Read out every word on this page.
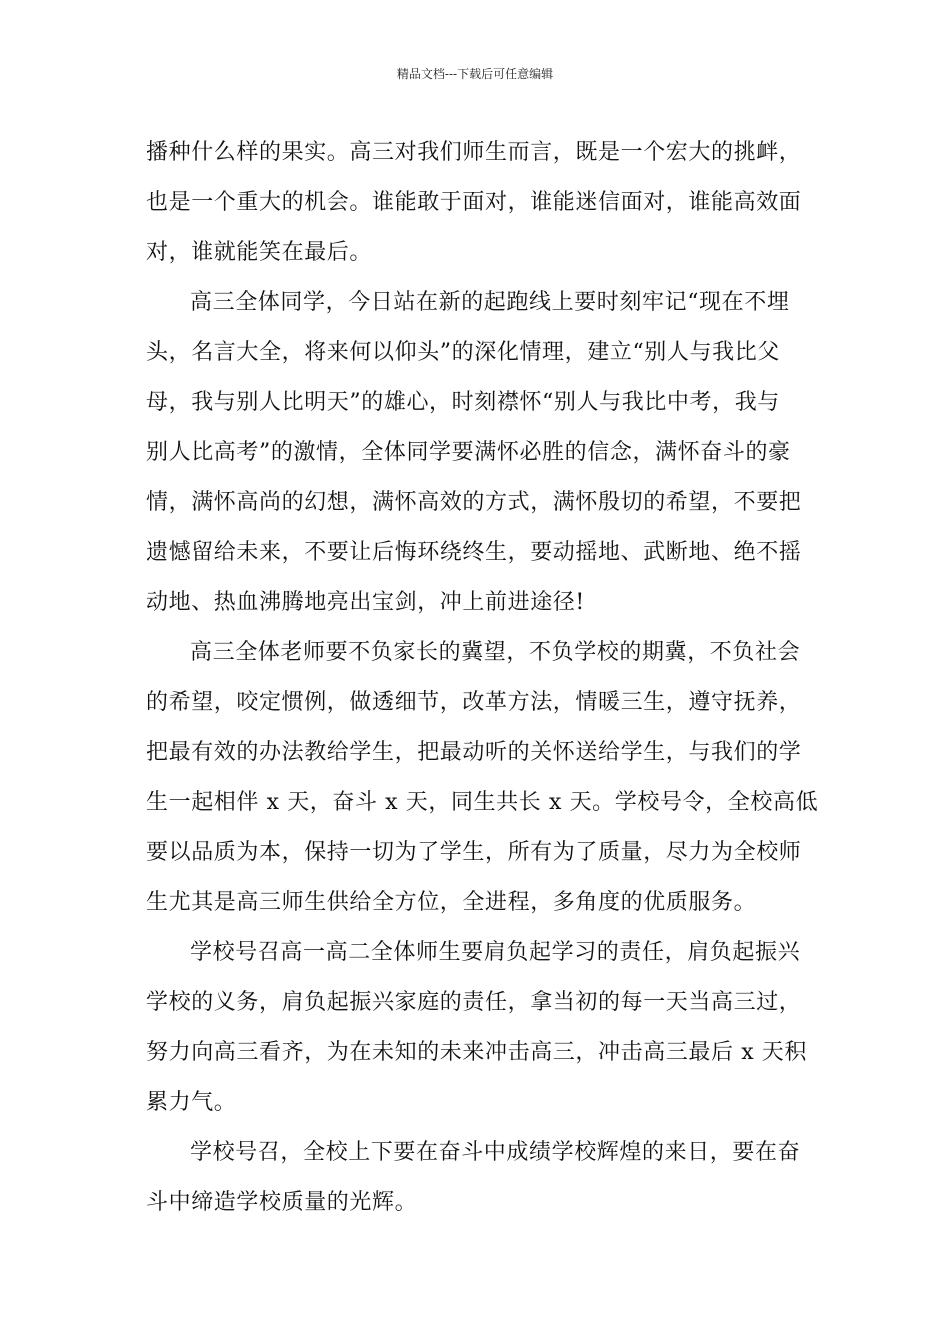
精品文档---下载后可任意编辑
播种什么样的果实。高三对我们师生而言，既是一个宏大的挑衅，
也是一个重大的机会。谁能敢于面对，谁能迷信面对，谁能高效面
对，谁就能笑在最后。
高三全体同学，今日站在新的起跑线上要时刻牢记“现在不埋
头，名言大全，将来何以仰头”的深化情理，建立“别人与我比父
母，我与别人比明天”的雄心，时刻襟怀“别人与我比中考，我与
别人比高考”的激情，全体同学要满怀必胜的信念，满怀奋斗的豪
情，满怀高尚的幻想，满怀高效的方式，满怀殷切的希望，不要把
遗憾留给未来，不要让后悔环绕终生，要动摇地、武断地、绝不摇
动地、热血沸腾地亮出宝剑，冲上前进途径!
高三全体老师要不负家长的冀望，不负学校的期冀，不负社会
的希望，咬定惯例，做透细节，改革方法，情暖三生，遵守抚养，
把最有效的办法教给学生，把最动听的关怀送给学生，与我们的学
生一起相伴 x 天，奋斗 x 天，同生共长 x 天。学校号令，全校高低
要以品质为本，保持一切为了学生，所有为了质量，尽力为全校师
生尤其是高三师生供给全方位，全进程，多角度的优质服务。
学校号召高一高二全体师生要肩负起学习的责任，肩负起振兴
学校的义务，肩负起振兴家庭的责任，拿当初的每一天当高三过，
努力向高三看齐，为在未知的未来冲击高三，冲击高三最后 x 天积
累力气。
学校号召，全校上下要在奋斗中成绩学校辉煌的来日，要在奋
斗中缔造学校质量的光辉。
